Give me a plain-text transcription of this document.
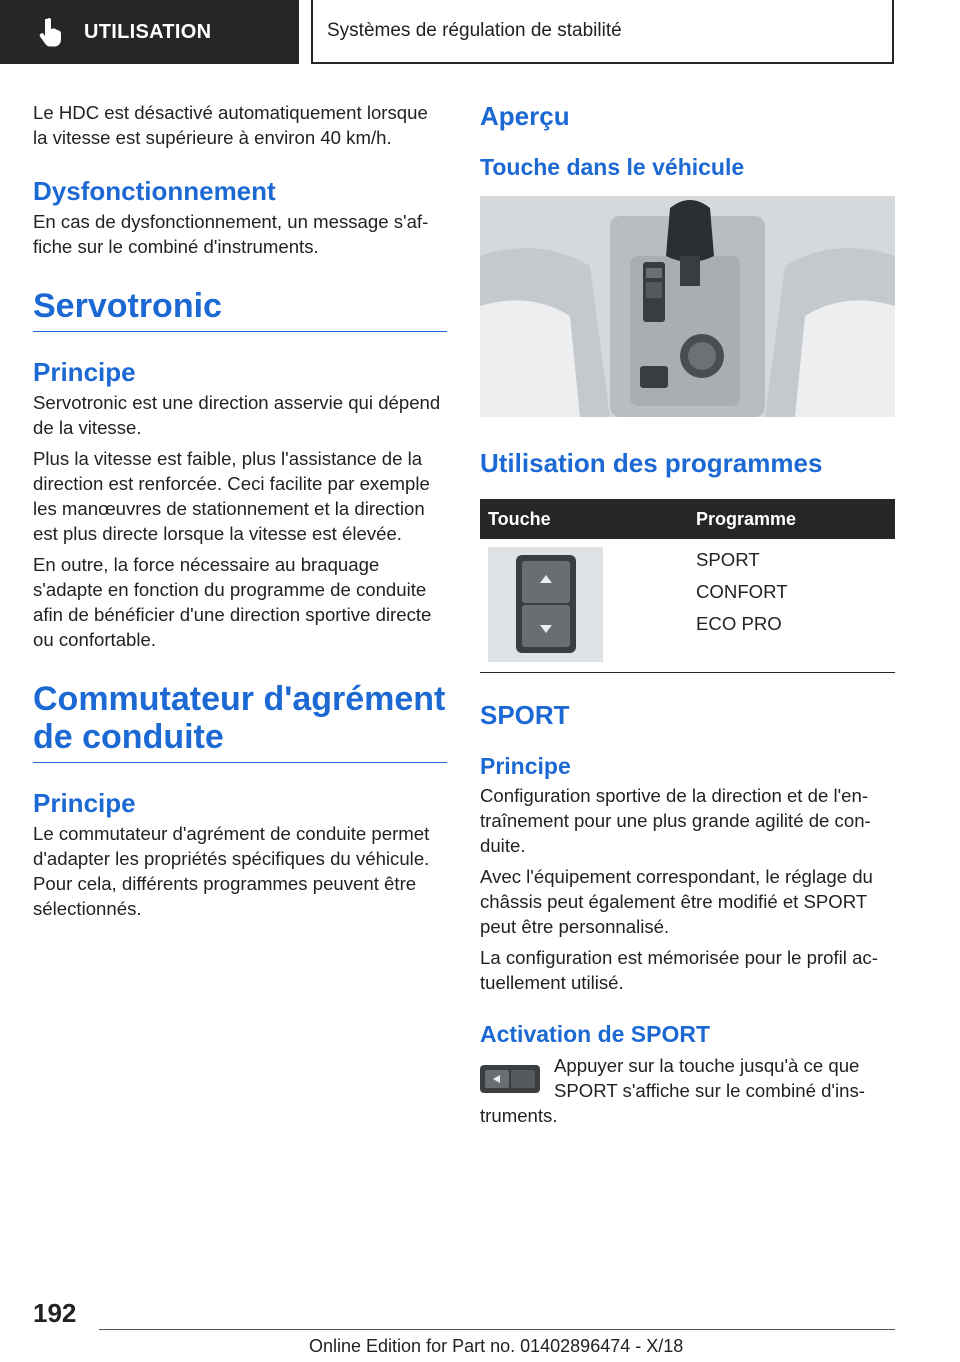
UTILISATION	Systèmes de régulation de stabilité

Le HDC est désactivé automatiquement lorsque la vitesse est supérieure à environ 40 km/h.

Dysfonctionnement

En cas de dysfonctionnement, un message s'affiche sur le combiné d'instruments.

Servotronic
Principe

Servotronic est une direction asservie qui dépend de la vitesse.

Plus la vitesse est faible, plus l'assistance de la direction est renforcée. Ceci facilite par exemple les manœuvres de stationnement et la direction est plus directe lorsque la vitesse est élevée.

En outre, la force nécessaire au braquage s'adapte en fonction du programme de conduite afin de bénéficier d'une direction sportive directe ou confortable.

Commutateur d'agrément de conduite
Principe

Le commutateur d'agrément de conduite permet d'adapter les propriétés spécifiques du véhicule. Pour cela, différents programmes peuvent être sélectionnés.

Aperçu
Touche dans le véhicule
Utilisation des programmes
Touche	Programme

SPORT
CONFORT
ECO PRO
SPORT
Principe

Configuration sportive de la direction et de l'entraînement pour une plus grande agilité de conduite.

Avec l'équipement correspondant, le réglage du châssis peut également être modifié et SPORT peut être personnalisé.

La configuration est mémorisée pour le profil actuellement utilisé.

Activation de SPORT

Appuyer sur la touche jusqu'à ce que SPORT s'affiche sur le combiné d'instruments.

192
Online Edition for Part no. 01402896474 - X/18
